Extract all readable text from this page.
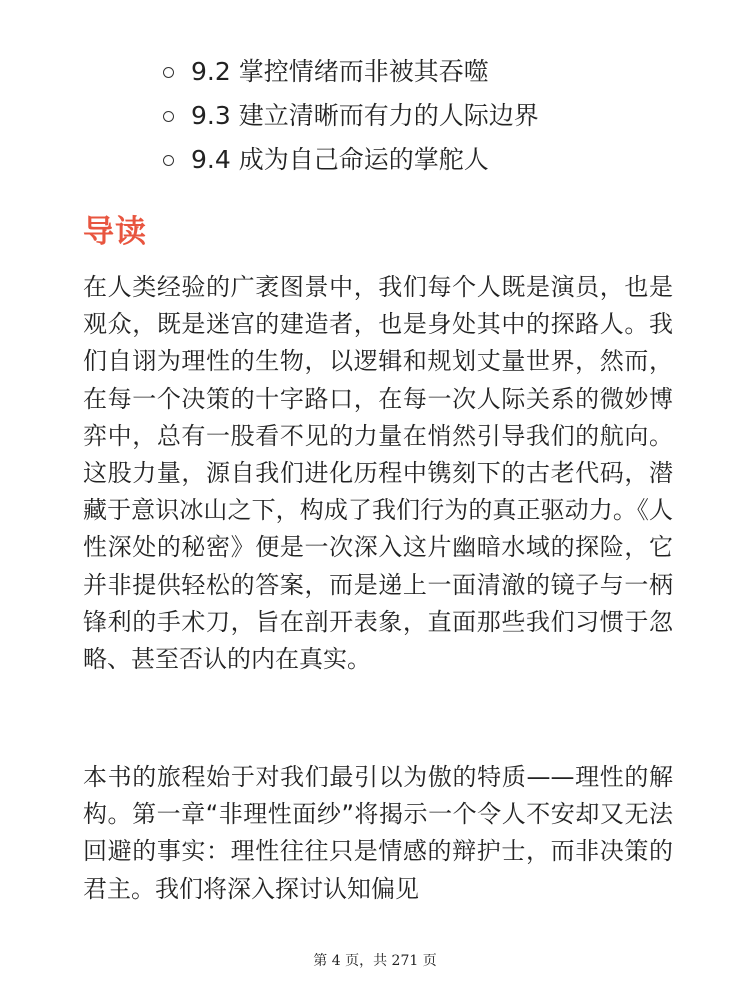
9.2 掌控情绪而非被其吞噬
9.3 建立清晰而有力的人际边界
9.4 成为自己命运的掌舵人
导读

在人类经验的广袤图景中，我们每个人既是演员，也是观众，既是迷宫的建造者，也是身处其中的探路人。我们自诩为理性的生物，以逻辑和规划丈量世界，然而，在每一个决策的十字路口，在每一次人际关系的微妙博弈中，总有一股看不见的力量在悄然引导我们的航向。这股力量，源自我们进化历程中镌刻下的古老代码，潜藏于意识冰山之下，构成了我们行为的真正驱动力。《人性深处的秘密》便是一次深入这片幽暗水域的探险，它并非提供轻松的答案，而是递上一面清澈的镜子与一柄锋利的手术刀，旨在剖开表象，直面那些我们习惯于忽略、甚至否认的内在真实。

本书的旅程始于对我们最引以为傲的特质——理性的解构。第一章“非理性面纱”将揭示一个令人不安却又无法回避的事实：理性往往只是情感的辩护士，而非决策的君主。我们将深入探讨认知偏见

第 4 页，共 271 页
